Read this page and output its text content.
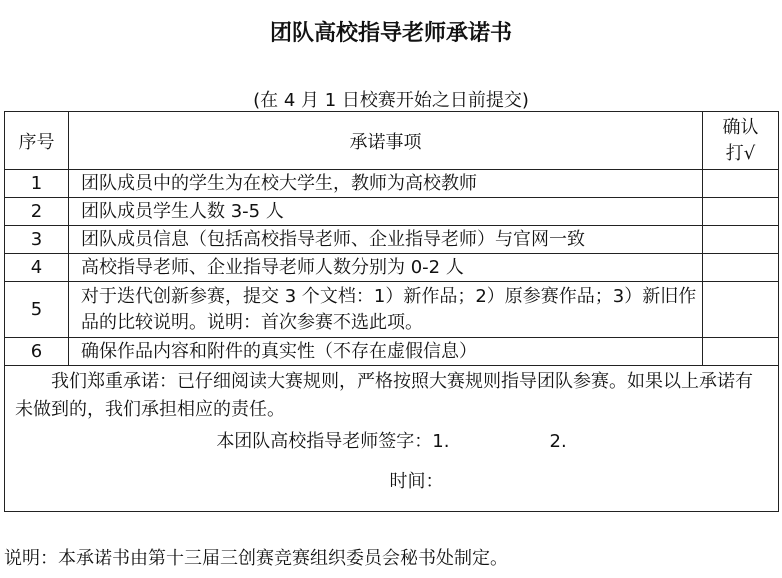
团队高校指导老师承诺书
(在 4 月 1 日校赛开始之日前提交)
序号	承诺事项	确认
打√

1	团队成员中的学生为在校大学生，教师为高校教师	
2	团队成员学生人数 3-5 人	
3	团队成员信息（包括高校指导老师、企业指导老师）与官网一致	
4	高校指导老师、企业指导老师人数分别为 0-2 人	
5	对于迭代创新参赛，提交 3 个文档：1）新作品；2）原参赛作品；3）新旧作品的比较说明。说明：首次参赛不选此项。	
6	确保作品内容和附件的真实性（不存在虚假信息）	

我们郑重承诺：已仔细阅读大赛规则，严格按照大赛规则指导团队参赛。如果以上承诺有未做到的，我们承担相应的责任。
本团队高校指导老师签字：1. 2.
时间：		
说明：本承诺书由第十三届三创赛竞赛组织委员会秘书处制定。
